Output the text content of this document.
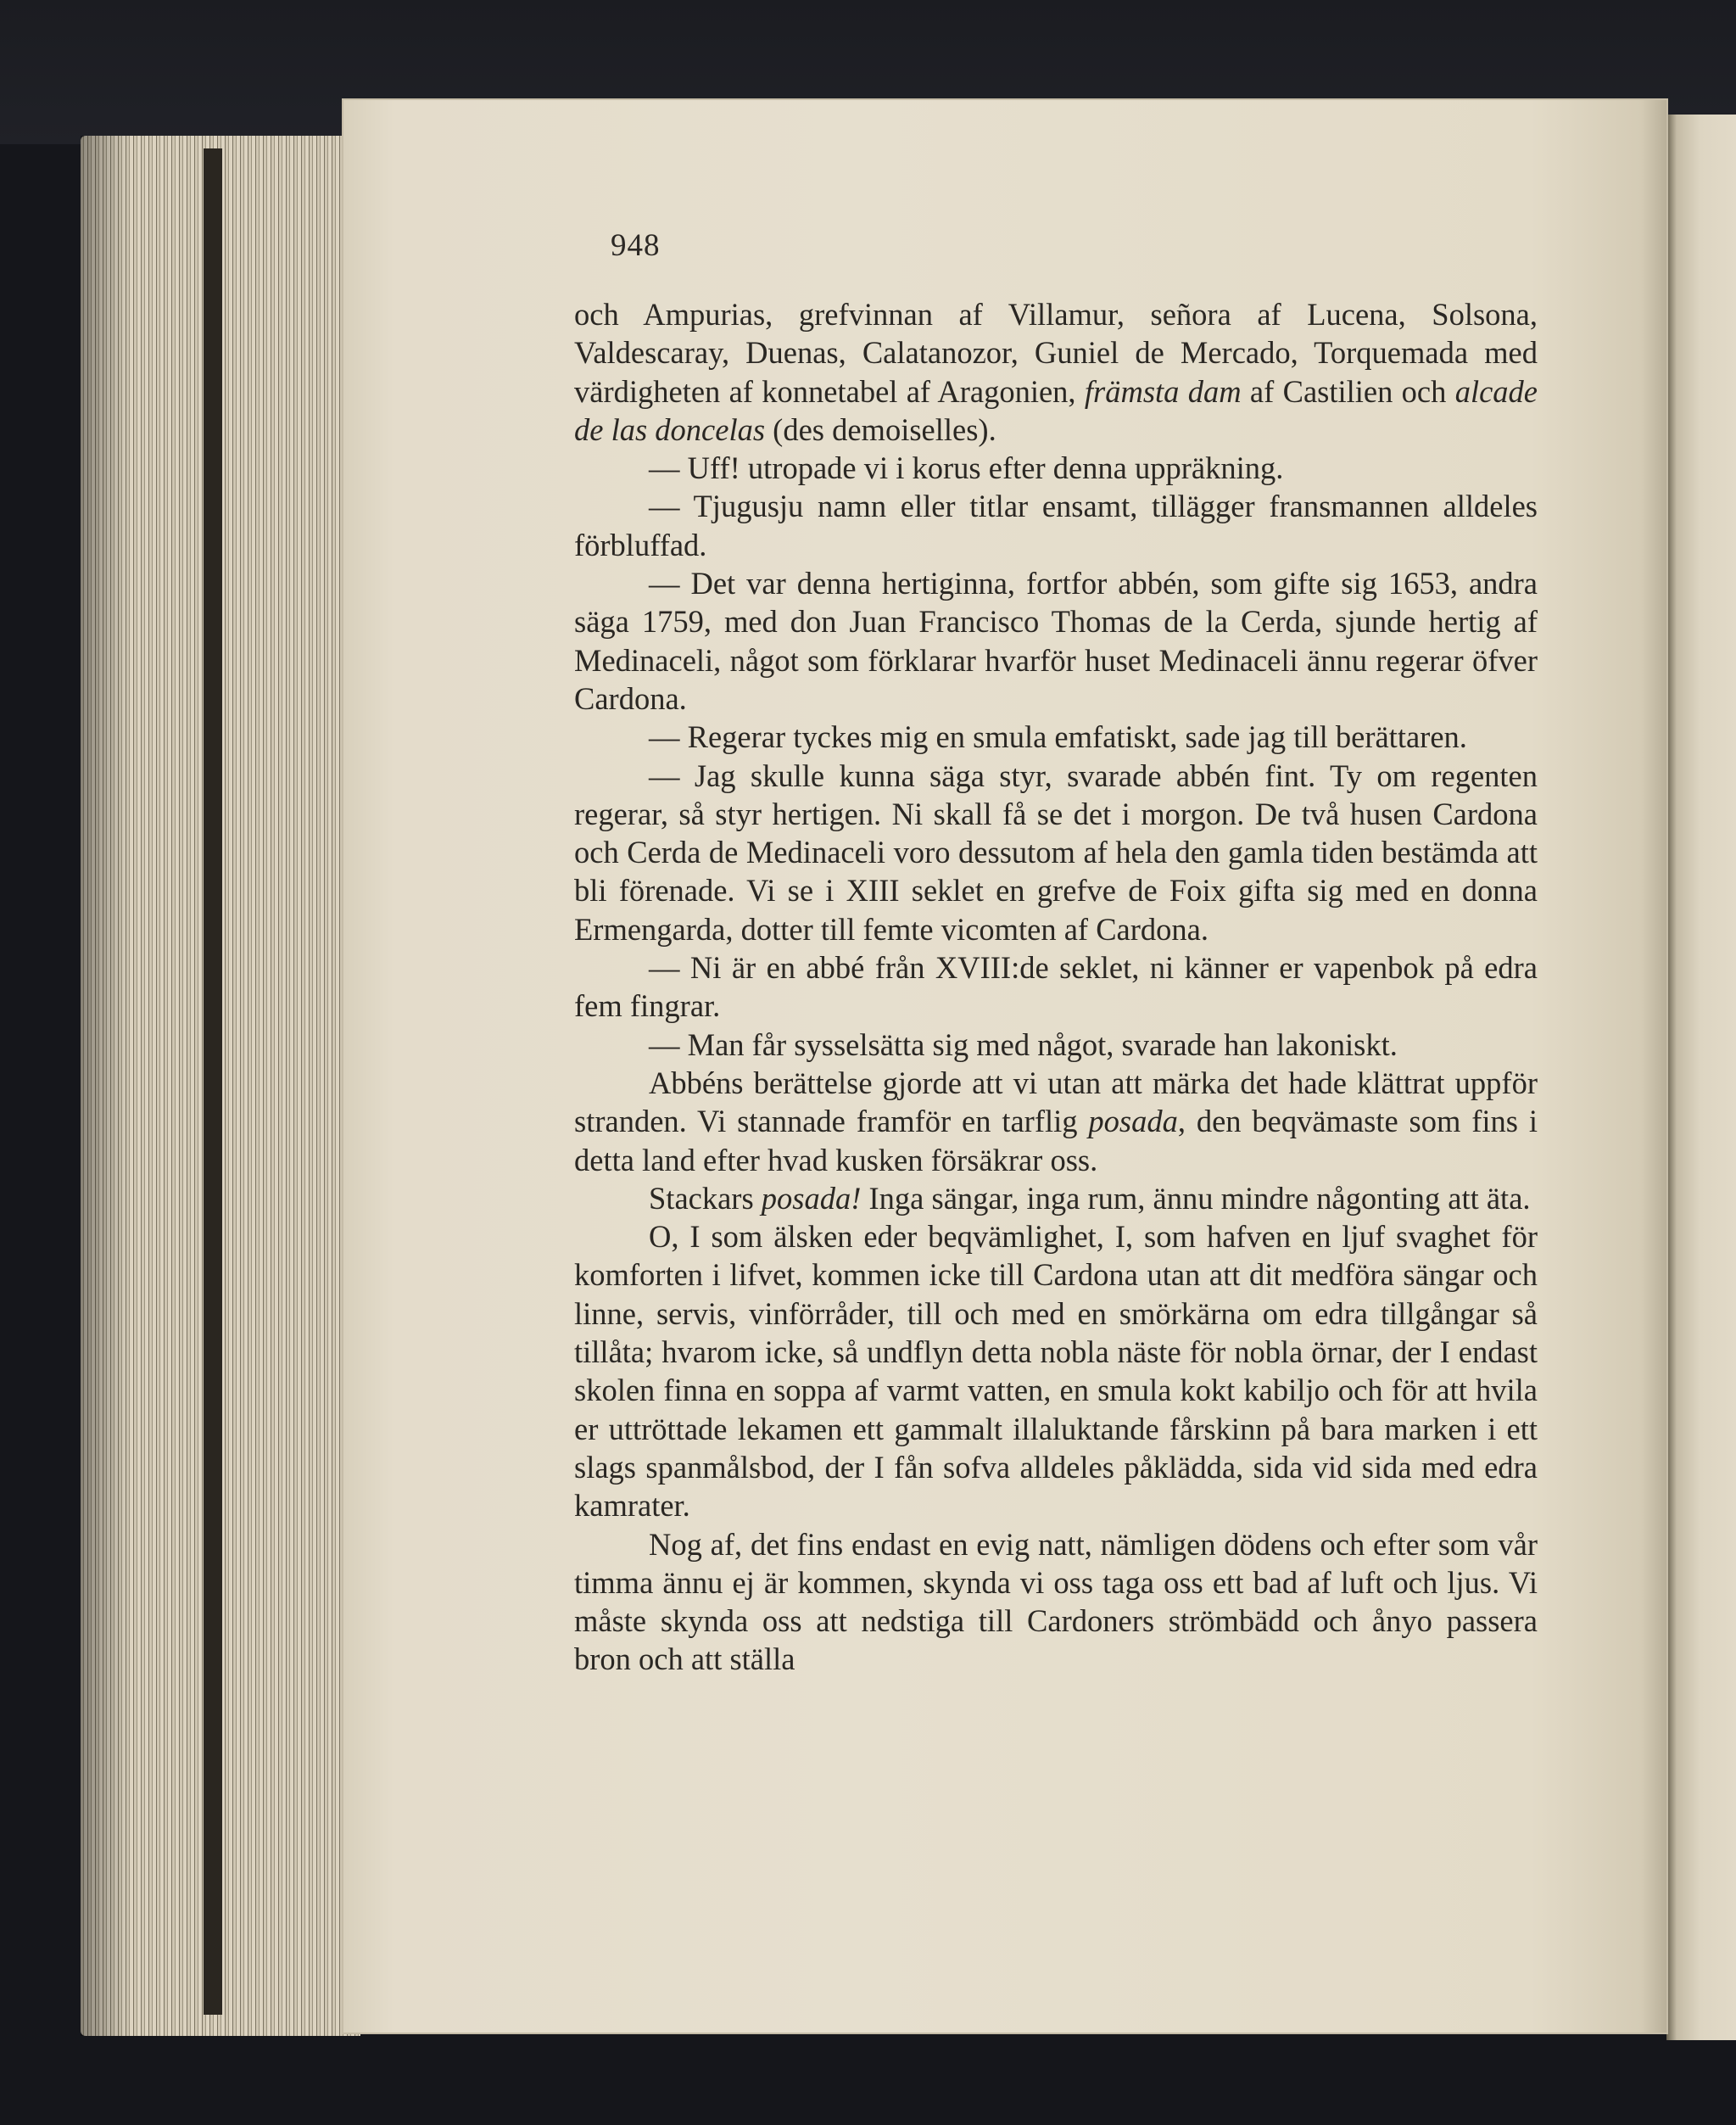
948

och Ampurias, grefvinnan af Villamur, señora af Lucena, Solsona, Valdescaray, Duenas, Calatanozor, Guniel de Mercado, Torquemada med värdigheten af konnetabel af Aragonien, främsta dam af Castilien och alcade de las doncelas (des demoiselles).

— Uff! utropade vi i korus efter denna uppräkning.

— Tjugusju namn eller titlar ensamt, tillägger fransmannen alldeles förbluffad.

— Det var denna hertiginna, fortfor abbén, som gifte sig 1653, andra säga 1759, med don Juan Francisco Thomas de la Cerda, sjunde hertig af Medinaceli, något som förklarar hvarför huset Medinaceli ännu regerar öfver Cardona.

— Regerar tyckes mig en smula emfatiskt, sade jag till berättaren.

— Jag skulle kunna säga styr, svarade abbén fint. Ty om regenten regerar, så styr hertigen. Ni skall få se det i morgon. De två husen Cardona och Cerda de Medinaceli voro dessutom af hela den gamla tiden bestämda att bli förenade. Vi se i XIII seklet en grefve de Foix gifta sig med en donna Ermengarda, dotter till femte vicomten af Cardona.

— Ni är en abbé från XVIII:de seklet, ni känner er vapenbok på edra fem fingrar.

— Man får sysselsätta sig med något, svarade han lakoniskt.

Abbéns berättelse gjorde att vi utan att märka det hade klättrat uppför stranden. Vi stannade framför en tarflig posada, den beqvämaste som fins i detta land efter hvad kusken försäkrar oss.

Stackars posada! Inga sängar, inga rum, ännu mindre någonting att äta.

O, I som älsken eder beqvämlighet, I, som hafven en ljuf svaghet för komforten i lifvet, kommen icke till Cardona utan att dit medföra sängar och linne, servis, vinförråder, till och med en smörkärna om edra tillgångar så tillåta; hvarom icke, så undflyn detta nobla näste för nobla örnar, der I endast skolen finna en soppa af varmt vatten, en smula kokt kabiljo och för att hvila er uttröttade lekamen ett gammalt illaluktande fårskinn på bara marken i ett slags spanmålsbod, der I fån sofva alldeles påklädda, sida vid sida med edra kamrater.

Nog af, det fins endast en evig natt, nämligen dödens och efter som vår timma ännu ej är kommen, skynda vi oss taga oss ett bad af luft och ljus. Vi måste skynda oss att nedstiga till Cardoners strömbädd och ånyo passera bron och att ställa
